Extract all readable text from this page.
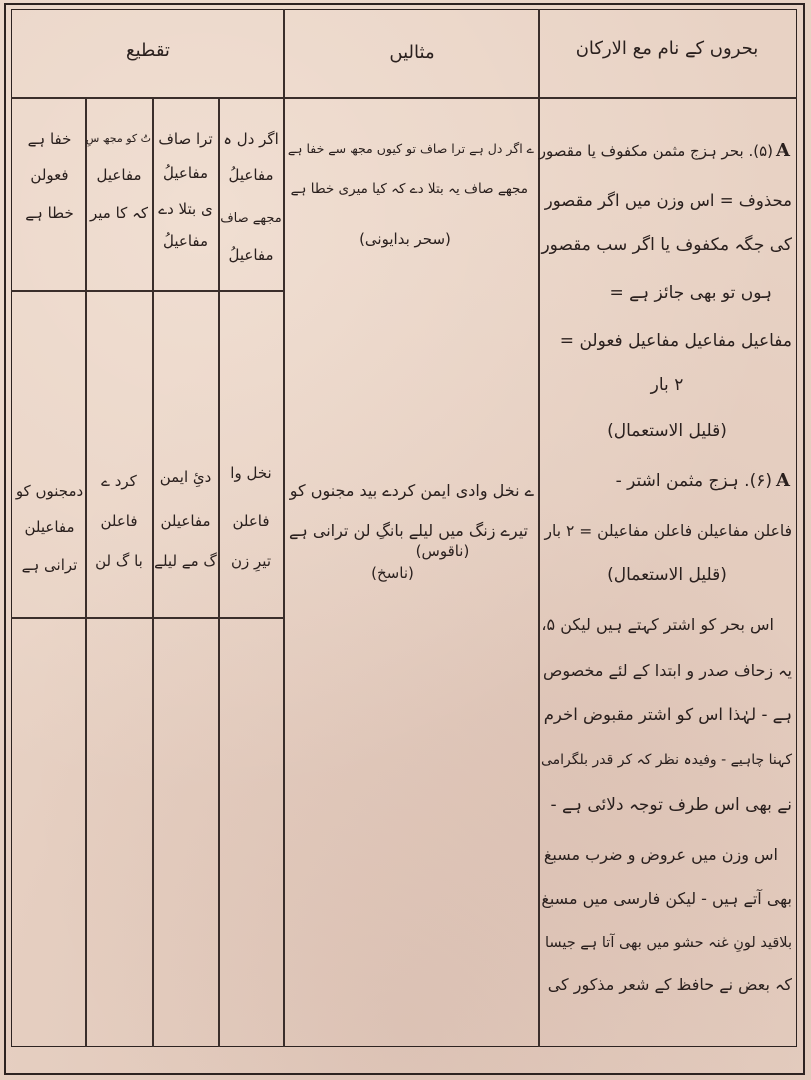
بحروں کے نام مع الارکان
مثالیں
تقطیع
A
(۵). بحر ہزج مثمن مکفوف یا مقصور
محذوف = اس وزن میں اگر مقصور
کی جگہ مکفوف یا اگر سب مقصور
ہوں تو بھی جائز ہے =
مفاعیل مفاعیل مفاعیل فعولن =
۲ بار
(قلیل الاستعمال)
A
(۶). ہزج مثمن اشتر -
فاعلن مفاعیلن فاعلن مفاعیلن = ۲ بار
(قلیل الاستعمال)
اس بحر کو اشتر کہتے ہیں لیکن ۵،
یہ زحاف صدر و ابتدا کے لئے مخصوص
ہے - لہٰذا اس کو اشتر مقبوض اخرم
کہنا چاہیے - وفیدہ نظر کہ کر قدر بلگرامی
نے بھی اس طرف توجہ دلائی ہے -
اس وزن میں عروض و ضرب مسبغ
بھی آتے ہیں - لیکن فارسی میں مسبغ
بلاقید لونِ غنہ حشو میں بھی آتا ہے جیسا
کہ بعض نے حافظ کے شعر مذکور کی
ے اگر دل ہے ترا صاف تو کیوں مجھ سے خفا ہے
مجھے صاف یہ بتلا دے کہ کیا میری خطا ہے
(سحر بدایونی)
ے نخل وادی ایمن کردے بید مجنوں کو
تیرے زنگ میں لیلے بانگِ لن ترانی ہے
(ناقوس)
(ناسخ)
اگر دل ہ
مفاعیلُ
مجھے صاف
مفاعیلُ
ترا صاف
مفاعیلُ
ی بتلا دے
مفاعیلُ
تُ کو مجھ سِ
مفاعیل
کہ کا میر
خفا ہے
فعولن
خطا ہے
نخل وا
فاعلن
تیرِ زن
دئِ ایمن
مفاعیلن
گ مے لیلے
کرد ے
فاعلن
با گ لن
دمجنوں کو
مفاعیلن
ترانی ہے
